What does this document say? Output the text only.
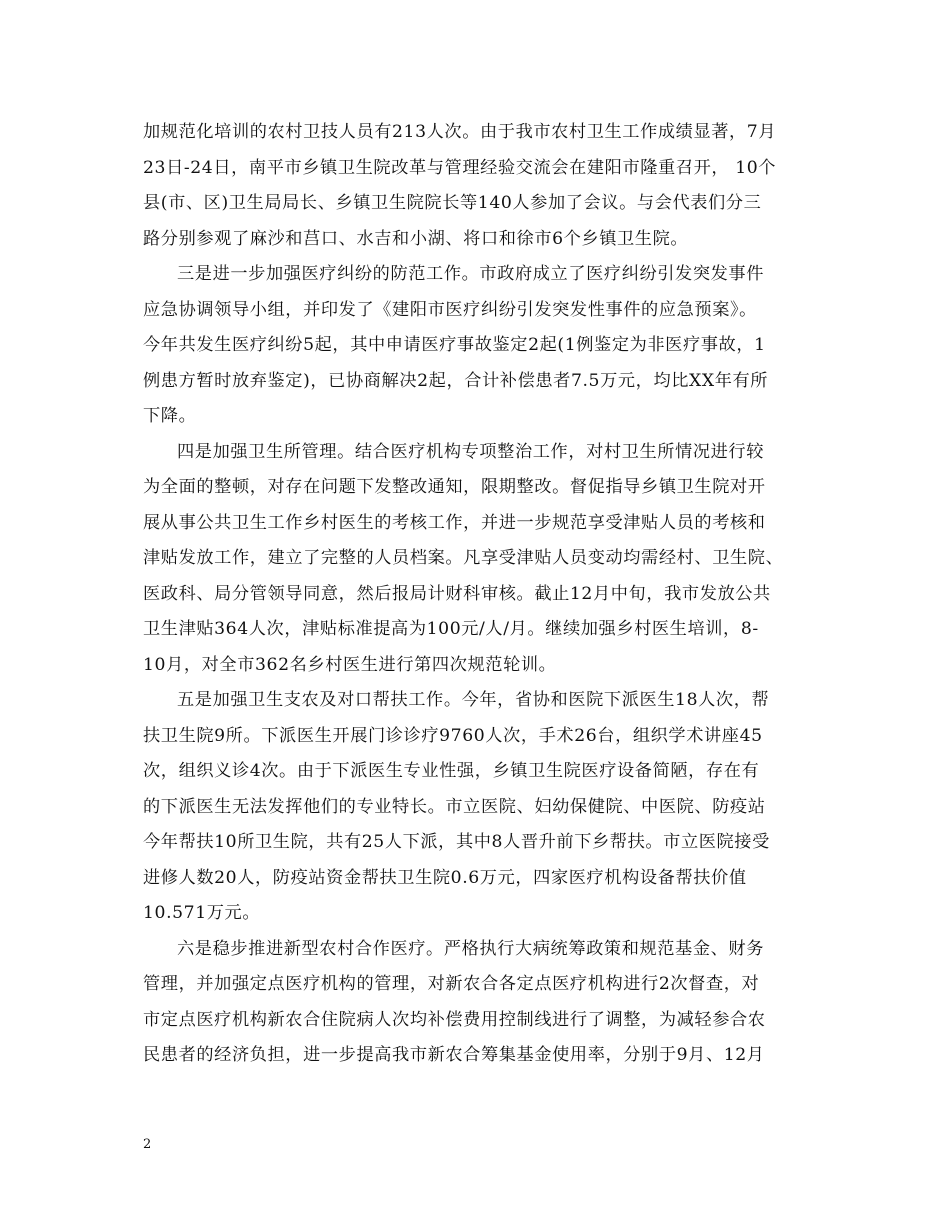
加规范化培训的农村卫技人员有213人次。由于我市农村卫生工作成绩显著，7月
23日-24日，南平市乡镇卫生院改革与管理经验交流会在建阳市隆重召开， 10个
县(市、区)卫生局局长、乡镇卫生院院长等140人参加了会议。与会代表们分三
路分别参观了麻沙和莒口、水吉和小湖、将口和徐市6个乡镇卫生院。
三是进一步加强医疗纠纷的防范工作。市政府成立了医疗纠纷引发突发事件
应急协调领导小组，并印发了《建阳市医疗纠纷引发突发性事件的应急预案》。
今年共发生医疗纠纷5起，其中申请医疗事故鉴定2起(1例鉴定为非医疗事故，1
例患方暂时放弃鉴定)，已协商解决2起，合计补偿患者7.5万元，均比XX年有所
下降。
四是加强卫生所管理。结合医疗机构专项整治工作，对村卫生所情况进行较
为全面的整顿，对存在问题下发整改通知，限期整改。督促指导乡镇卫生院对开
展从事公共卫生工作乡村医生的考核工作，并进一步规范享受津贴人员的考核和
津贴发放工作，建立了完整的人员档案。凡享受津贴人员变动均需经村、卫生院、
医政科、局分管领导同意，然后报局计财科审核。截止12月中旬，我市发放公共
卫生津贴364人次，津贴标准提高为100元/人/月。继续加强乡村医生培训，8-
10月，对全市362名乡村医生进行第四次规范轮训。
五是加强卫生支农及对口帮扶工作。今年，省协和医院下派医生18人次，帮
扶卫生院9所。下派医生开展门诊诊疗9760人次，手术26台，组织学术讲座45
次，组织义诊4次。由于下派医生专业性强，乡镇卫生院医疗设备简陋，存在有
的下派医生无法发挥他们的专业特长。市立医院、妇幼保健院、中医院、防疫站
今年帮扶10所卫生院，共有25人下派，其中8人晋升前下乡帮扶。市立医院接受
进修人数20人，防疫站资金帮扶卫生院0.6万元，四家医疗机构设备帮扶价值
10.571万元。
六是稳步推进新型农村合作医疗。严格执行大病统筹政策和规范基金、财务
管理，并加强定点医疗机构的管理，对新农合各定点医疗机构进行2次督查，对
市定点医疗机构新农合住院病人次均补偿费用控制线进行了调整，为减轻参合农
民患者的经济负担，进一步提高我市新农合筹集基金使用率，分别于9月、12月
2
